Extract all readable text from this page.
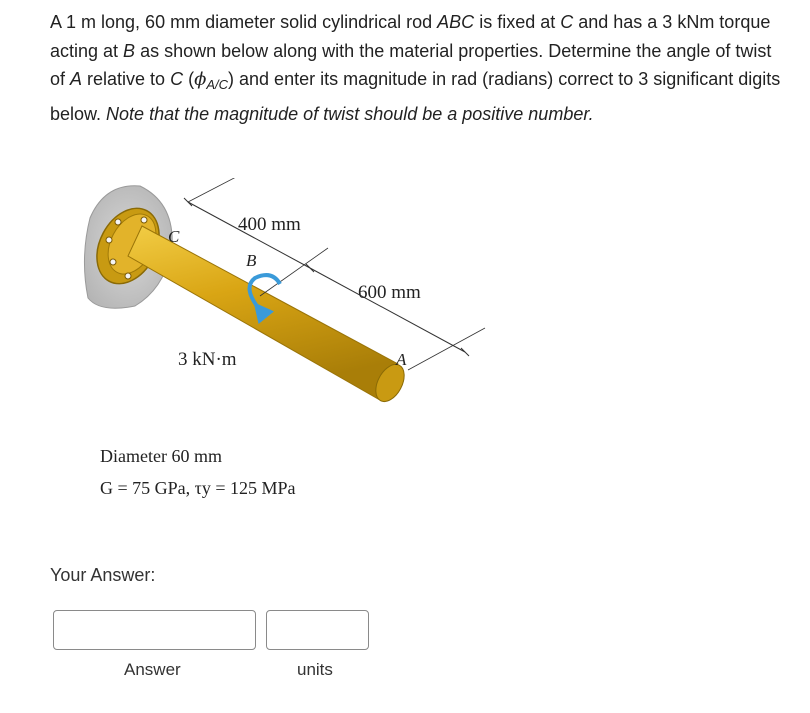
A 1 m long, 60 mm diameter solid cylindrical rod ABC is fixed at C and has a 3 kNm torque acting at B as shown below along with the material properties. Determine the angle of twist of A relative to C $(\phi_{A/C})$ and enter its magnitude in rad (radians) correct to 3 significant digits below. Note that the magnitude of twist should be a positive number.
C
400 mm
B
600 mm
A
3 kN·m
Diameter 60 mm
G = 75 GPa, τy = 125 MPa
Your Answer:
Answer	units
